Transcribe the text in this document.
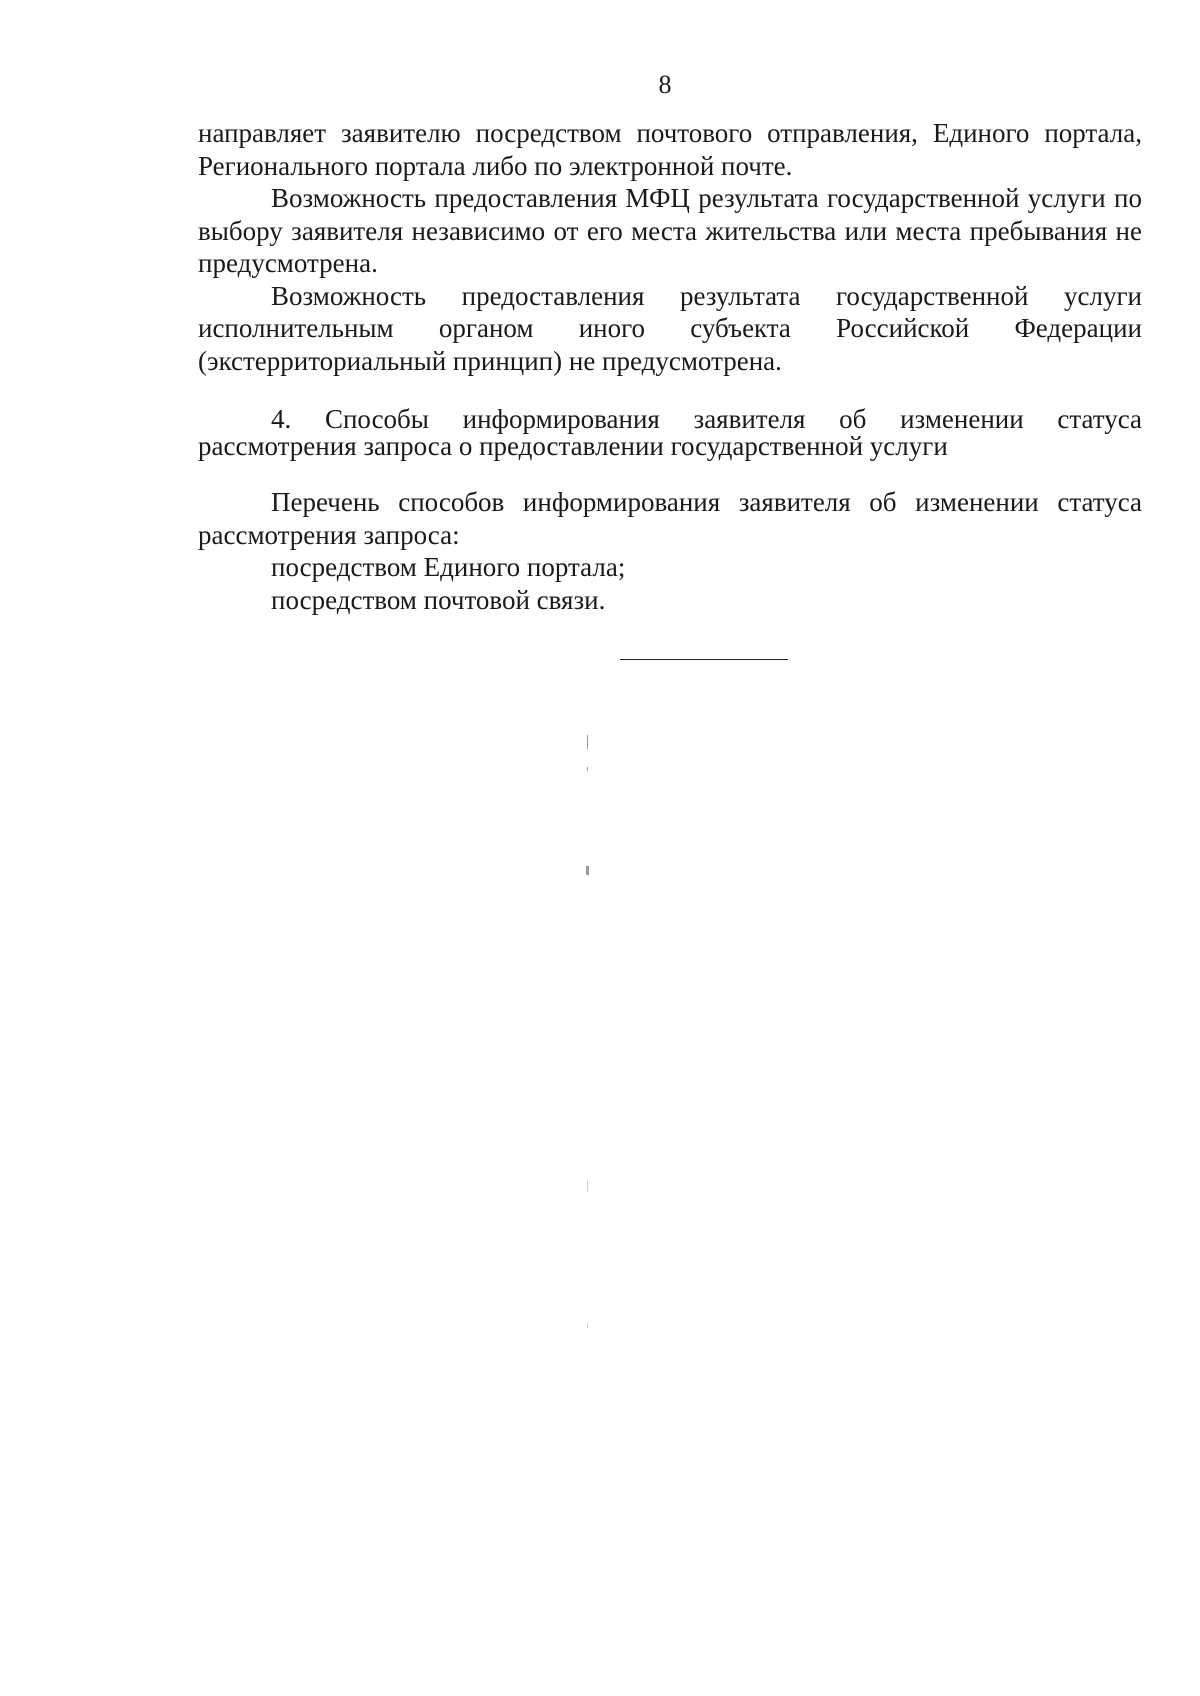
8

направляет заявителю посредством почтового отправления, Единого портала,

Регионального портала либо по электронной почте.

Возможность предоставления МФЦ результата государственной услуги по выбору заявителя независимо от его места жительства или места пребывания не предусмотрена.

Возможность предоставления результата государственной услуги исполнительным органом иного субъекта Российской Федерации (экстерриториальный принцип) не предусмотрена.

4. Способы информирования заявителя об изменении статуса рассмотрения запроса о предоставлении государственной услуги

Перечень способов информирования заявителя об изменении статуса рассмотрения запроса:

посредством Единого портала;

посредством почтовой связи.
